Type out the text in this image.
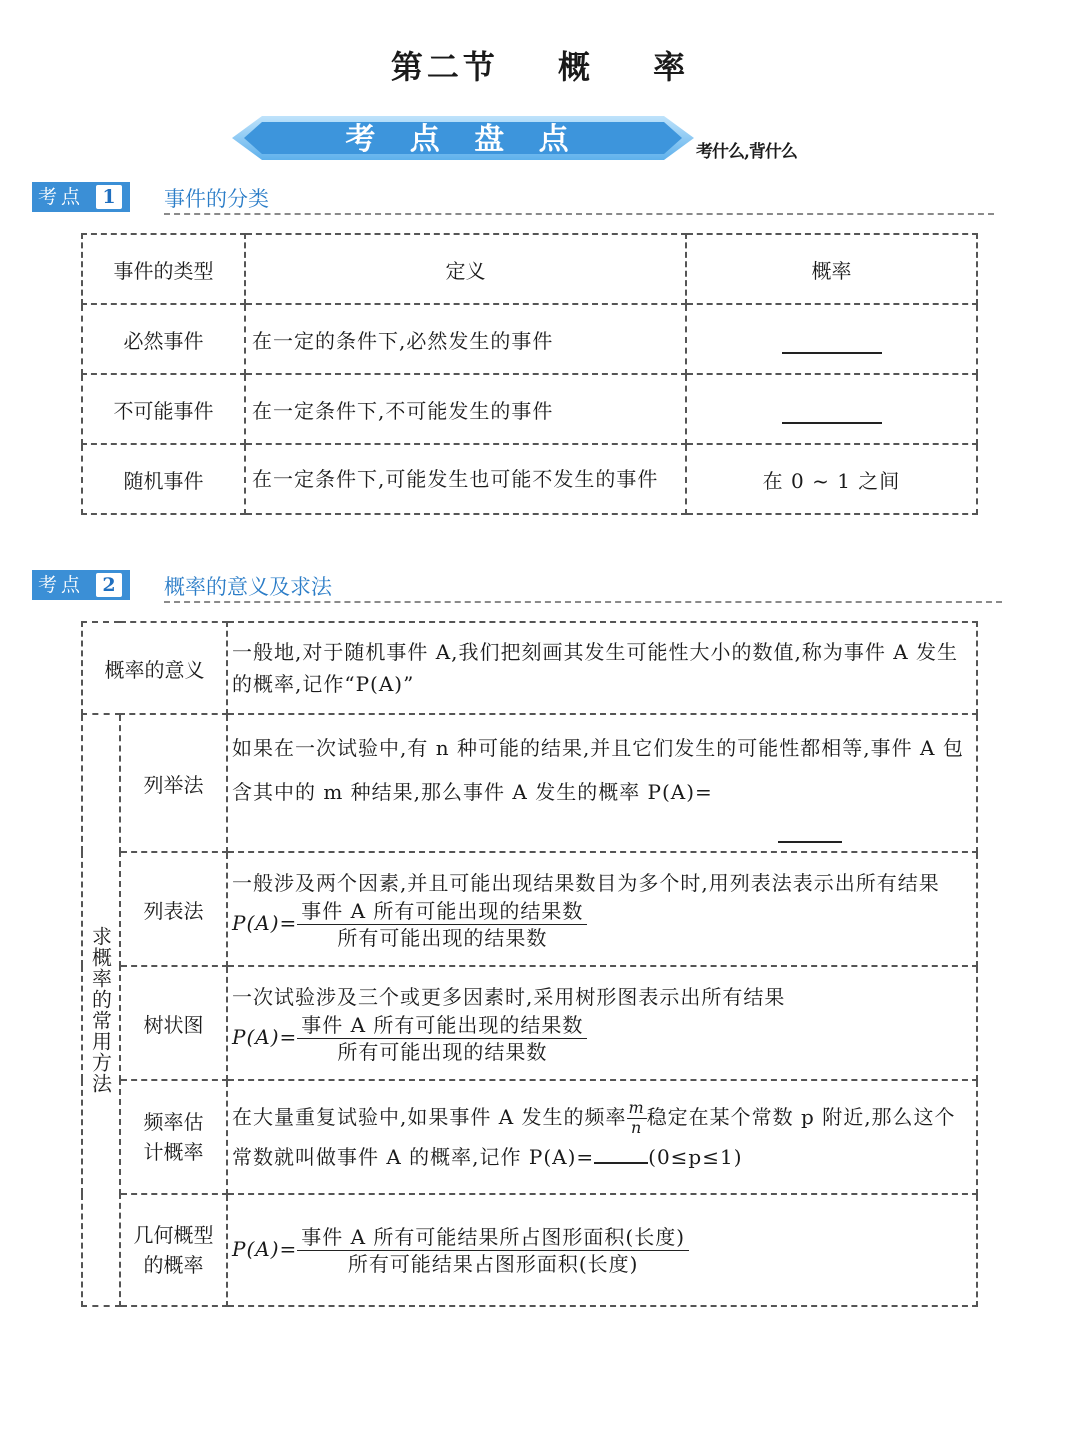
第二节 概 率
考 点 盘 点	考什么,背什么
考点 1	事件的分类
事件的类型	定义	概率
必然事件	在一定的条件下,必然发生的事件	
不可能事件	在一定条件下,不可能发生的事件	
随机事件	在一定条件下,可能发生也可能不发生的事件	在 0 ~ 1 之间
考点 2	概率的意义及求法
概率的意义		一般地,对于随机事件 A,我们把刻画其发生可能性大小的数值,称为事件 A 发生的概率,记作“P(A)”

求概率的常用方法	列举法	如果在一次试验中,有 n 种可能的结果,并且它们发生的可能性都相等,事件 A 包含其中的 m 种结果,那么事件 A 发生的概率 P(A)=

	列表法	一般涉及两个因素,并且可能出现结果数目为多个时,用列表法表示出所有结果
$P(A)= \frac{\text{事件 A 所有可能出现的结果数}}{\text{所有可能出现的结果数}}$

	树状图	一次试验涉及三个或更多因素时,采用树形图表示出所有结果
$P(A)= \frac{\text{事件 A 所有可能出现的结果数}}{\text{所有可能出现的结果数}}$

	频率估计概率	在大量重复试验中,如果事件 A 发生的频率 $\frac{m}{n}$ 稳定在某个常数 p 附近,那么这个常数就叫做事件 A 的概率,记作 P(A)= (0≤p≤1)

	几何概型的概率	$P(A)= \frac{\text{事件 A 所有可能结果所占图形面积(长度)}}{\text{所有可能结果占图形面积(长度)}}$
